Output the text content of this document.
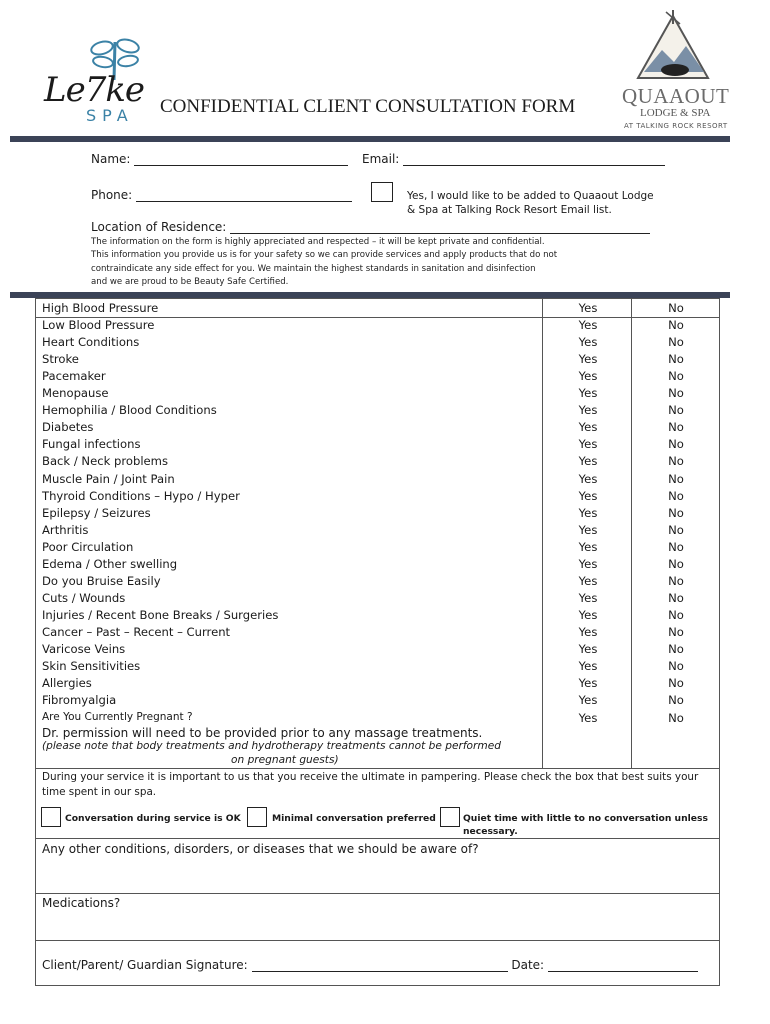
Le7ke
SPA CONFIDENTIAL CLIENT CONSULTATION FORM QUAAOUT
LODGE & SPA
AT TALKING ROCK RESORT
Name:	Email:
Phone:	Yes, I would like to be added to Quaaout Lodge
& Spa at Talking Rock Resort Email list.
Location of Residence:
The information on the form is highly appreciated and respected – it will be kept private and confidential.
This information you provide us is for your safety so we can provide services and apply products that do not
contraindicate any side effect for you. We maintain the highest standards in sanitation and disinfection
and we are proud to be Beauty Safe Certified.
High Blood Pressure	Yes	No
Low Blood Pressure	Yes	No
Heart Conditions	Yes	No
Stroke	Yes	No
Pacemaker	Yes	No
Menopause	Yes	No
Hemophilia / Blood Conditions	Yes	No
Diabetes	Yes	No
Fungal infections	Yes	No
Back / Neck problems	Yes	No
Muscle Pain / Joint Pain	Yes	No
Thyroid Conditions – Hypo / Hyper	Yes	No
Epilepsy / Seizures	Yes	No
Arthritis	Yes	No
Poor Circulation	Yes	No
Edema / Other swelling	Yes	No
Do you Bruise Easily	Yes	No
Cuts / Wounds	Yes	No
Injuries / Recent Bone Breaks / Surgeries	Yes	No
Cancer – Past – Recent – Current	Yes	No
Varicose Veins	Yes	No
Skin Sensitivities	Yes	No
Allergies	Yes	No
Fibromyalgia	Yes	No
Are You Currently Pregnant ?	Yes	No
Dr. permission will need to be provided prior to any massage treatments.
(please note that body treatments and hydrotherapy treatments cannot be performed
on pregnant guests)
During your service it is important to us that you receive the ultimate in pampering. Please check the box that best suits your time spent in our spa.
Conversation during service is OK	Minimal conversation preferred	Quiet time with little to no conversation unless
necessary.
Any other conditions, disorders, or diseases that we should be aware of?
Medications?
Client/Parent/ Guardian Signature:	Date:
